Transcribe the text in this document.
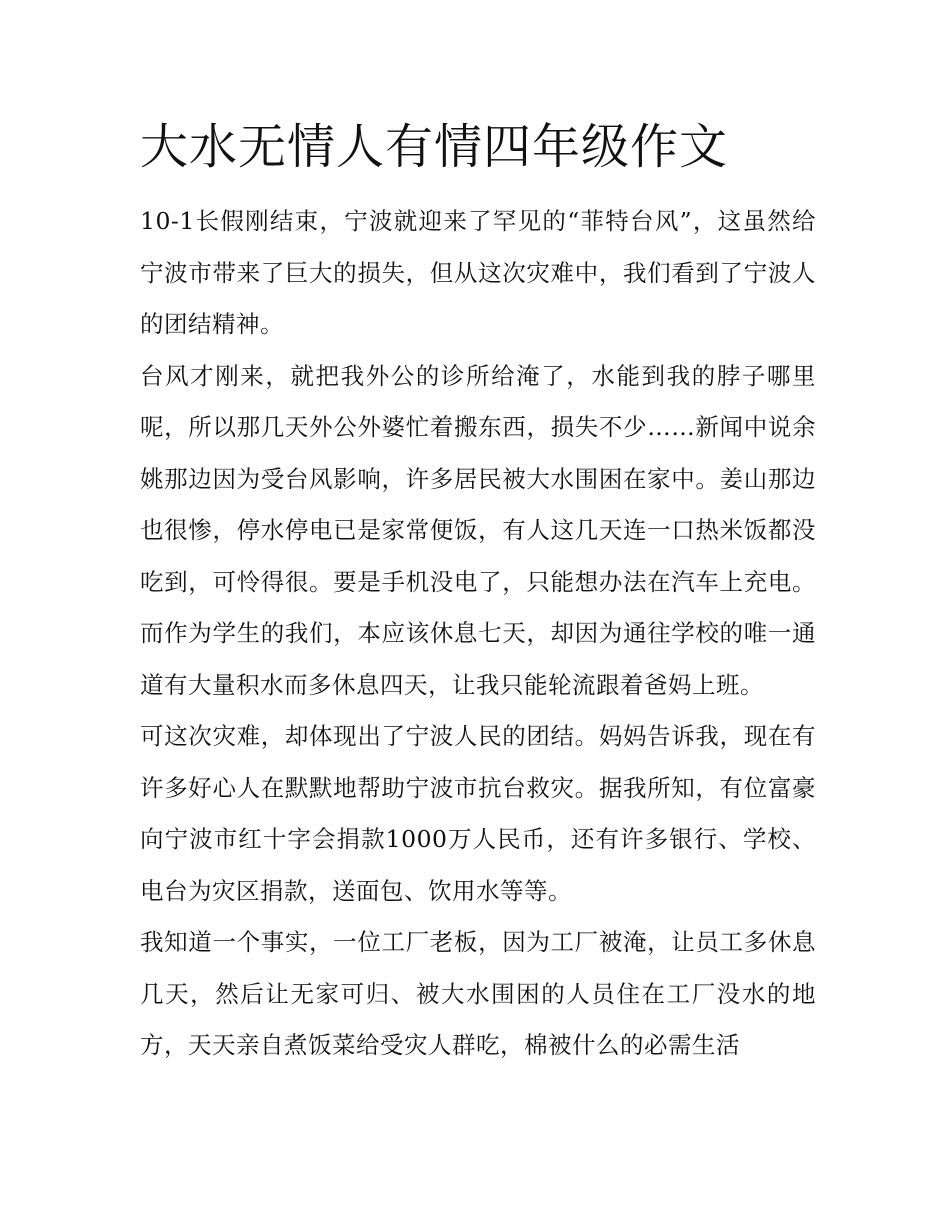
大水无情人有情四年级作文

10-1长假刚结束，宁波就迎来了罕见的“菲特台风”，这虽然给宁波市带来了巨大的损失，但从这次灾难中，我们看到了宁波人的团结精神。

台风才刚来，就把我外公的诊所给淹了，水能到我的脖子哪里呢，所以那几天外公外婆忙着搬东西，损失不少……新闻中说余姚那边因为受台风影响，许多居民被大水围困在家中。姜山那边也很惨，停水停电已是家常便饭，有人这几天连一口热米饭都没吃到，可怜得很。要是手机没电了，只能想办法在汽车上充电。而作为学生的我们，本应该休息七天，却因为通往学校的唯一通道有大量积水而多休息四天，让我只能轮流跟着爸妈上班。

可这次灾难，却体现出了宁波人民的团结。妈妈告诉我，现在有许多好心人在默默地帮助宁波市抗台救灾。据我所知，有位富豪向宁波市红十字会捐款1000万人民币，还有许多银行、学校、电台为灾区捐款，送面包、饮用水等等。

我知道一个事实，一位工厂老板，因为工厂被淹，让员工多休息几天，然后让无家可归、被大水围困的人员住在工厂没水的地方，天天亲自煮饭菜给受灾人群吃，棉被什么的必需生活
